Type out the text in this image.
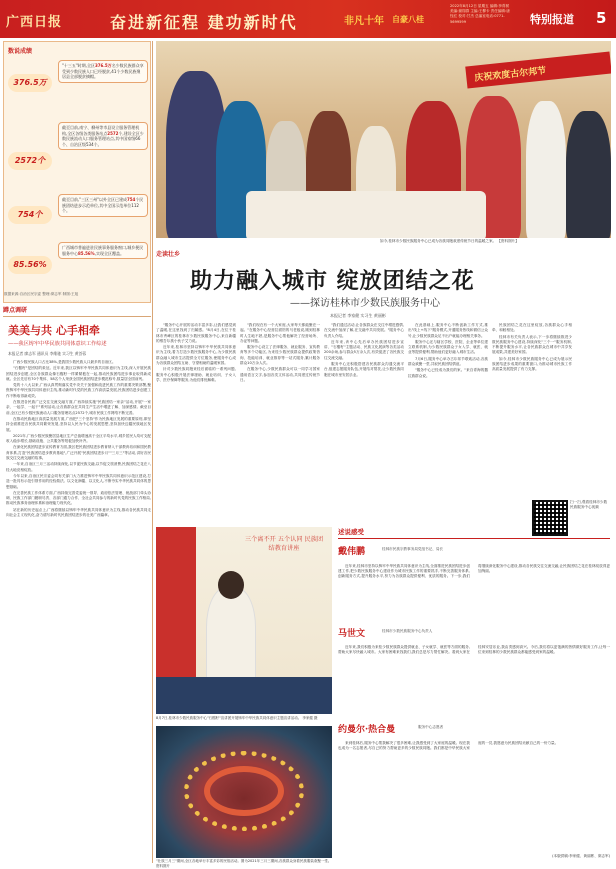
广西日报	奋进新征程 建功新时代	非凡十年 自豪八桂
2022年8月12日 星期五 编辑:李青树 美编:谢翔群 主编:王柳卡 责任编辑:唐钰红 校对:甘杰 总编室电话:0771-5699599	特别报道 5
数说成绩
376.5万
"十三五"时期,全区376.5万名少数民族群众享受到少数民族人口已经脱贫,41个少数民族聚居县全部脱贫摘帽。
2572个
截至目前,南宁、柳州等市县设立服务管理机构,全区各级各类服务站点2572个,建设全区少数民族流动人口服务管理站点,其中国家级66个、自治区级534个。
754个
截至目前,"三区三州"以外全区已建成754个民族团结进步示范单位,其中全国示范单位112个。
85.56%
广西城市普遍进驻民族事务服务窗口,城乡便民服务中心85.56%,实现全区覆盖。
数据来源:自治区民宗委 整理:廖志军 制图:王旭
蹲点调研
美美与共 心手相牵
——我区铸牢中华民族共同体意识工作综述
本报记者 廖志军 通讯员 李维驰 实习生 黄荟蓉

广西少数民族人口占比38%,是我国少数民族人口最多的自治区。

"石榴籽"是团结的象征。近年来,我区以铸牢中华民族共同体意识为主线,深入开展民族团结进步创建,全区各族群众像石榴籽一样紧紧抱在一起,推动民族团结进步事业取得新成就。全区先后有70个集体、58名个人荣获全国民族团结进步模范称号,数量居全国前列。

党的十八大以来,广西认真贯彻落实党中央关于加强和改进民族工作的重要决策部署,聚焦铸牢中华民族共同体意识主线,推动新时代党的民族工作高质量发展,民族团结进步创建工作不断取得新成效。

在推进各民族广泛交往交流交融方面,广西持续实施"民族团结一家亲"活动,开展"一家亲、一起学、一起干"系列活动,让各族群众在共同生产生活中增进了解、加深感情。截至目前,全区已有少数民族流动人口服务管理站点2572个,城市民族工作网络不断完善。

在推动民族地区高质量发展方面,广西把"三个坚持"作为民族地区发展的重要原则,即坚持全面推进各民族共同繁荣发展,坚持以人民为中心的发展思想,坚持加快边疆民族地区发展。

2021年,广西少数民族聚居县地区生产总值增速高于全区平均水平,城乡居民人均可支配收入稳步增长,基础设施、公共服务等短板加快补齐。

在深化民族团结进步宣传教育方面,我区把民族团结进步教育纳入干部教育培训和国民教育体系,打造"民族团结进步教育基地",广泛开展"民族团结进步月""三月三"等活动,讲好各民族交往交流交融的故事。

一年来,自治区三月三活动持续深化,以节促民族交融,以节促文旅消费,民族团结之花在八桂大地竞相绽放。

今年以来,自治区民宗委会同有关部门大力推进铸牢中华民族共同体意识示范区建设,打造一批具有示范引领作用的经验做法。以文化润疆、以文化人,不断夯实中华民族共同体的思想基础。

在完善民族工作体系方面,广西持续完善党委统一领导、政府依法管理、统战部门牵头协调、民族工作部门履职尽责、各部门通力合作、全社会共同参与的新时代党的民族工作格局,推动民族事务治理体系和治理能力现代化。

站在新的历史起点上,广西将继续以铸牢中华民族共同体意识为主线,推动各民族共同走向社会主义现代化,奋力谱写新时代民族团结进步的壮美广西篇章。

庆祝欢度古尔邦节
如今,桂林市少数民族服务中心已成为各族同胞欢度传统节日的温暖之家。 【资料图片】
走读壮乡
助力融入城市 绽放团结之花
——探访桂林市少数民族服务中心
本报记者 李家健 实习生 黄丽彬

"服务中心开展的活动丰富多彩,让我们感觉到了温暖,在这里找到了归属感。"8月4日,在位于桂林市秀峰区的桂林市少数民族服务中心,来自新疆的维吾尔族小伙子艾力说。

近年来,桂林市坚持以铸牢中华民族共同体意识为主线,着力打造少数民族服务中心,为少数民族群众融入城市生活提供全方位服务,使服务中心成为各族群众团结互助、守望相助的温暖家园。

针对少数民族同胞来桂后面临的一系列问题,服务中心积极开展法律援助、就业培训、子女入学、医疗保障等服务,为他们排忧解难。

"我们现在有一个大家庭,大家每天都能聚在一起。"在服务中心经营拉面馆的马老板说,刚到桂林时人生地不熟,是服务中心帮他解决了经营场所、办证等问题。

服务中心设立了法律服务、就业服务、宣传教育等多个功能区,为来桂少数民族群众提供政策咨询、技能培训、就业推荐等一站式服务,累计服务群众10万余人次。

在服务中心,少数民族群众可以一同学习国家通用语言文字,参加各类文体活动,共同度过传统节日。

"我们通过活动,让各族群众在交往中增进感情,在交流中加深了解,在交融中共同发展。"服务中心负责人介绍。

近年来,该中心先后举办民族团结进步宣讲、"石榴籽"主题活动、民族文化展演等各类活动200余场,参与群众5万余人次,有效促进了各民族交往交流交融。

服务中心还积极搭建各民族群众沟通交流平台,组建志愿服务队伍,开展结对帮扶,让少数民族同胞在城市里安居乐业。

在此基础上,服务中心不断创新工作方式,推出"线上+线下"服务模式,开通服务热线和微信公众号,让少数民族群众足不出户就能办理相关事务。

服务中心还与辖区学校、医院、企业等单位建立联系机制,为少数民族群众子女入学、就医、就业等提供便利,帮助他们更好融入城市生活。

7月6日,服务中心举办古尔邦节联欢活动,各族群众欢聚一堂,共叙民族团结情谊。

"服务中心已经成为我们的家。"来自青海的撒拉族群众说。

民族团结之花在这里绽放,各族群众心手相牵、和睦相处。

桂林市有关负责人表示,下一步将继续推进少数民族服务中心建设,持续深化"三个一"服务机制,不断提升服务水平,让各民族群众在城市中共享发展成果,共建美好家园。

如今,桂林市少数民族服务中心已成为展示民族团结进步成果的重要窗口,为推动城市民族工作高质量发展提供了有力支撑。

扫一扫,观看桂林市少数民族服务中心视频
三个离不开 五个认同 民族团结教育讲座
8月7日,桂林市少数民族服务中心"石榴籽"宣讲团开展铸牢中华民族共同体意识主题宣讲活动。 李家健 摄
"壮族三月三"期间,全区各地举行丰富多彩的民俗活动。图为2021年三月三期间,各族群众身着民族服装欢聚一堂。 资料图片
述说感受
戴伟鹏	桂林市民族宗教事务局党组书记、局长
近年来,桂林市坚持以铸牢中华民族共同体意识为主线,全面推进民族团结进步创建工作,把少数民族服务中心建设作为城市民族工作的重要抓手,不断完善服务体系,创新服务方式,提升服务水平,努力为各族群众提供便利、优质的服务。下一步,我们将继续深化服务中心建设,推动各民族交往交流交融,让民族团结之花在桂林绽放得更加绚丽。
马世文	桂林市少数民族服务中心负责人
近年来,我们积极为来桂少数民族群众提供就业、子女就学、就医等方面的服务,帮助大家尽快融入城市。大家有困难来找我们,我们总是尽力帮忙解决。看到大家在桂林安居乐业,我由衷感到高兴。今后,我们将以更饱满的热情做好服务工作,让每一位来到桂林的少数民族群众都能感受到家的温暖。
约曼尔·热合曼	服务中心志愿者
来到桂林后,服务中心帮我解决了很多困难,让我感受到了大家庭的温暖。现在我也成为一名志愿者,尽自己的努力帮助更多的少数民族同胞。我们都是中华民族大家庭的一员,我愿意为民族团结贡献自己的一份力量。
(本版供稿:李家健、黄丽彬、廖志军)
